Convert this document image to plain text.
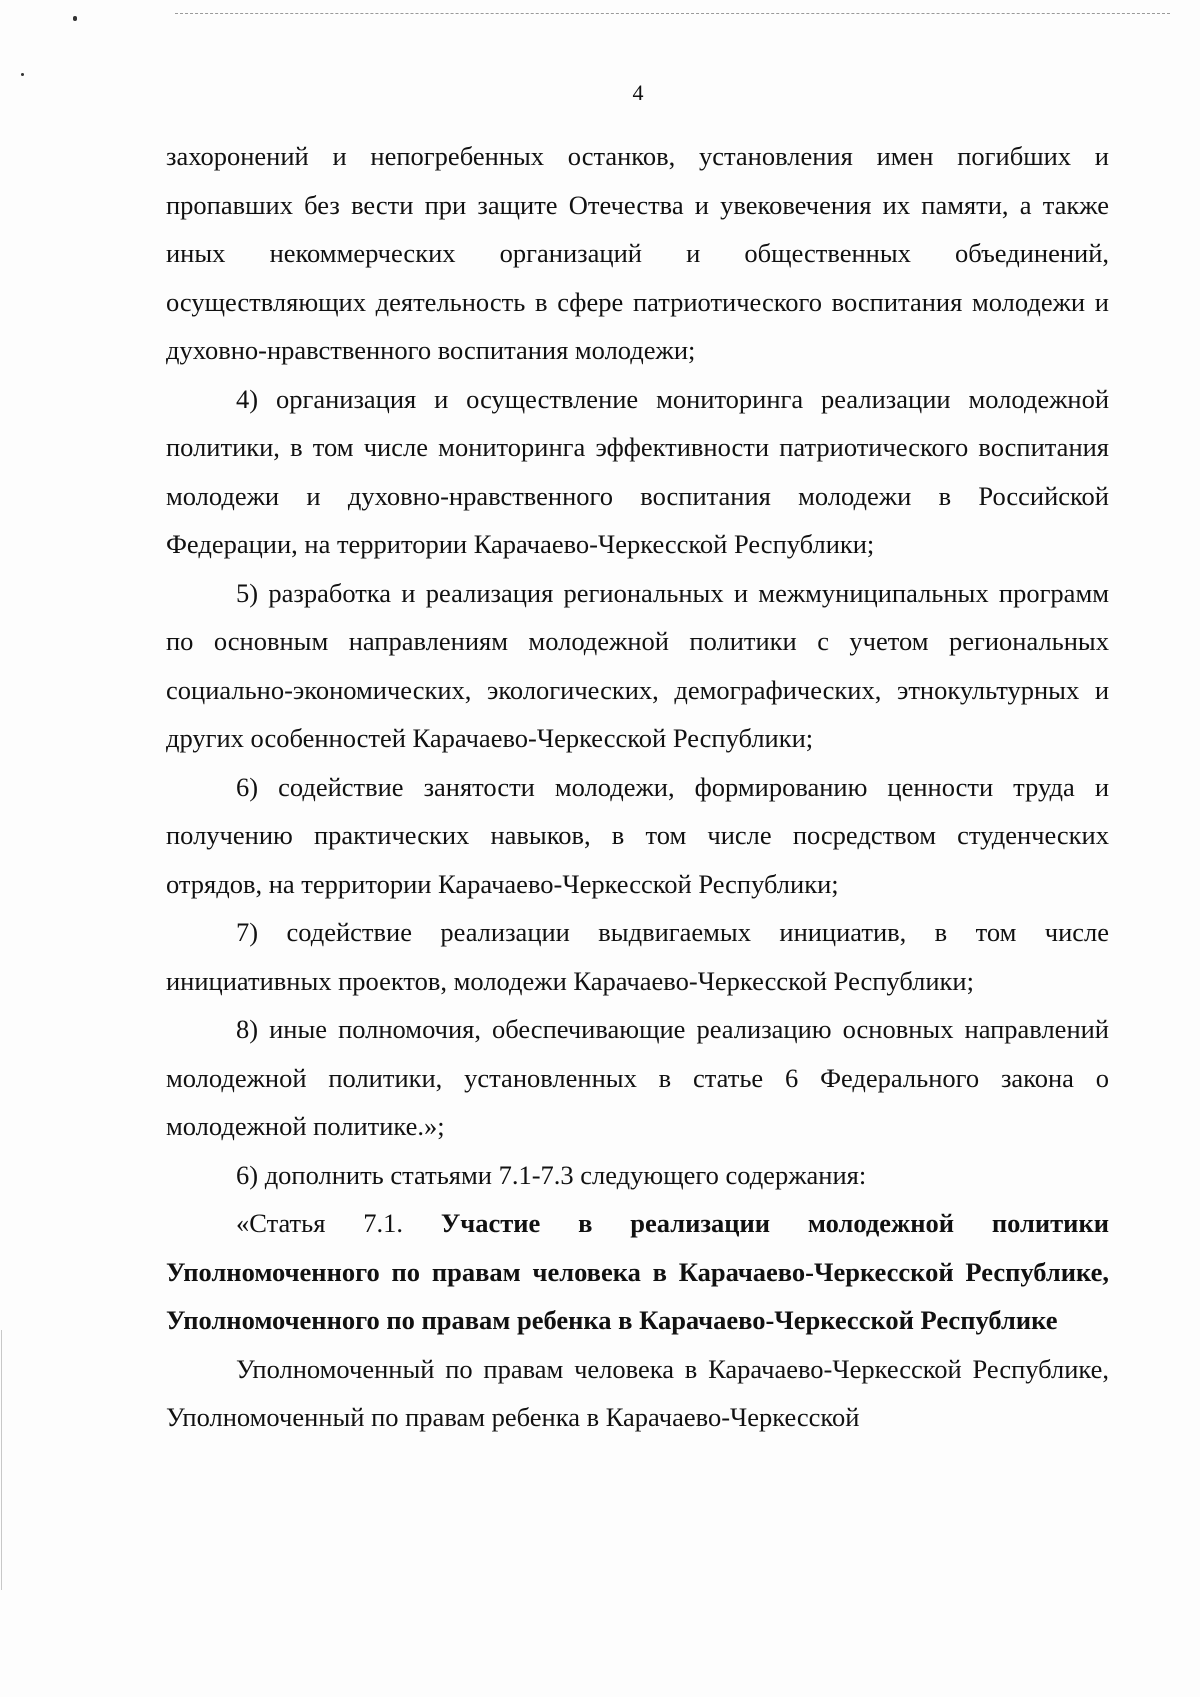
4

захоронений и непогребенных останков, установления имен погибших и пропавших без вести при защите Отечества и увековечения их памяти, а также иных некоммерческих организаций и общественных объединений, осуществляющих деятельность в сфере патриотического воспитания молодежи и духовно-нравственного воспитания молодежи;

4) организация и осуществление мониторинга реализации молодежной политики, в том числе мониторинга эффективности патриотического воспитания молодежи и духовно-нравственного воспитания молодежи в Российской Федерации, на территории Карачаево-Черкесской Республики;

5) разработка и реализация региональных и межмуниципальных программ по основным направлениям молодежной политики с учетом региональных социально-экономических, экологических, демографических, этнокультурных и других особенностей Карачаево-Черкесской Республики;

6) содействие занятости молодежи, формированию ценности труда и получению практических навыков, в том числе посредством студенческих отрядов, на территории Карачаево-Черкесской Республики;

7) содействие реализации выдвигаемых инициатив, в том числе инициативных проектов, молодежи Карачаево-Черкесской Республики;

8) иные полномочия, обеспечивающие реализацию основных направлений молодежной политики, установленных в статье 6 Федерального закона о молодежной политике.»;

6) дополнить статьями 7.1-7.3 следующего содержания:

«Статья 7.1. Участие в реализации молодежной политики Уполномоченного по правам человека в Карачаево-Черкесской Республике, Уполномоченного по правам ребенка в Карачаево-Черкесской Республике

Уполномоченный по правам человека в Карачаево-Черкесской Республике, Уполномоченный по правам ребенка в Карачаево-Черкесской
